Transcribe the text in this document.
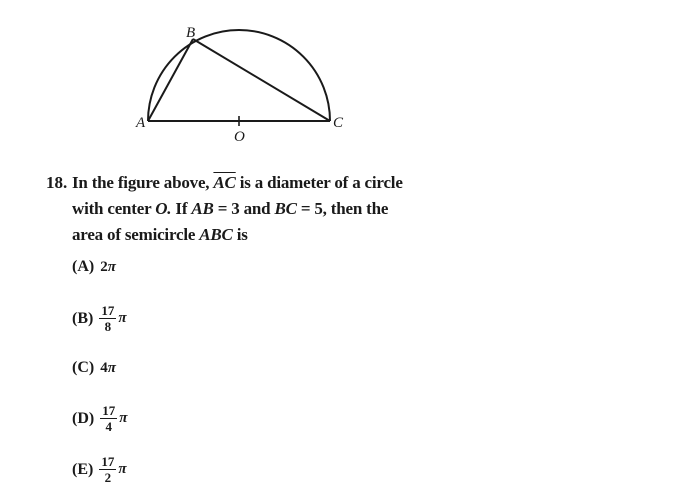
B
A	C
O
18. In the figure above, $\overline{AC}$ is a diameter of a circle
with center O. If AB = 3 and BC = 5, then the
area of semicircle ABC is
(A) 2 π
$(B) \frac{17}{8}$ π
(C) 4 π
$(D) \frac{17}{4}$ π
$(E) \frac{17}{2}$ π
